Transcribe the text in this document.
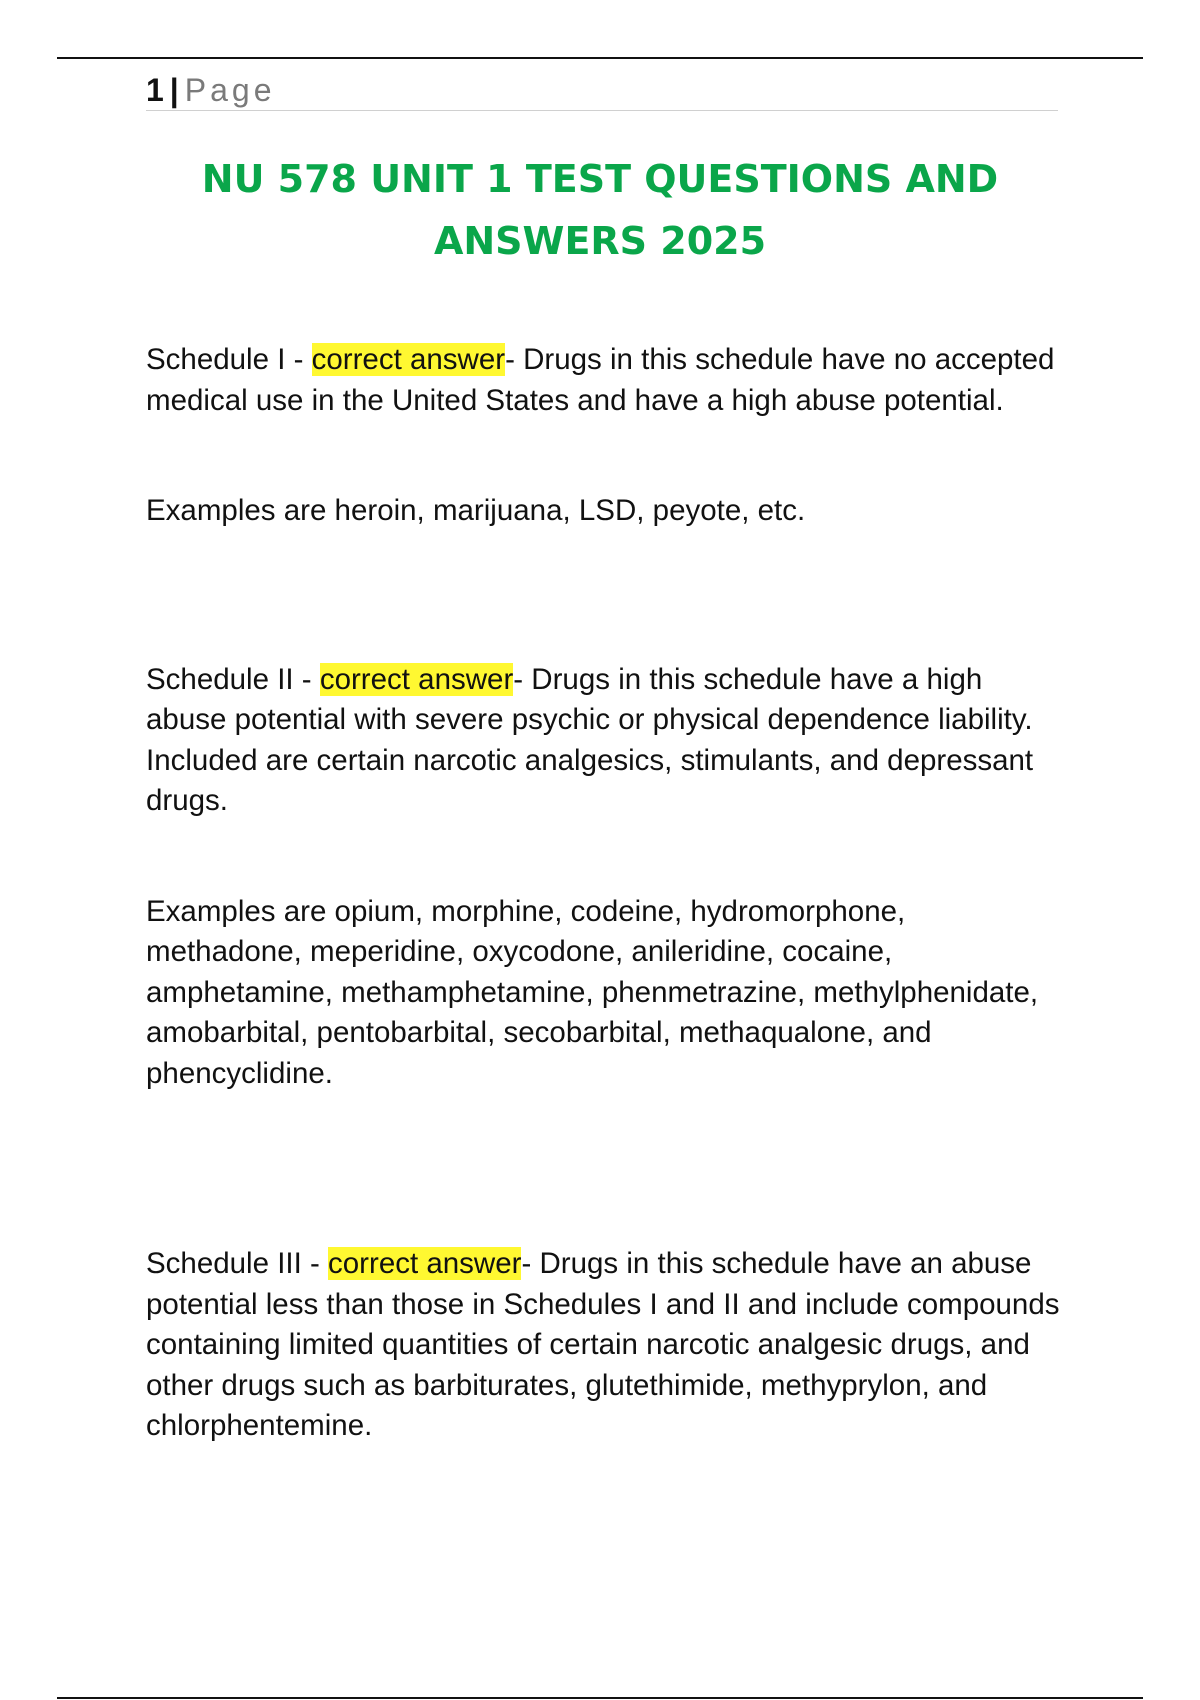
1 | Page
NU 578 UNIT 1 TEST QUESTIONS AND
ANSWERS 2025

Schedule I - correct answer- Drugs in this schedule have no accepted medical use in the United States and have a high abuse potential.

Examples are heroin, marijuana, LSD, peyote, etc.

Schedule II - correct answer- Drugs in this schedule have a high abuse potential with severe psychic or physical dependence liability. Included are certain narcotic analgesics, stimulants, and depressant drugs.

Examples are opium, morphine, codeine, hydromorphone, methadone, meperidine, oxycodone, anileridine, cocaine, amphetamine, methamphetamine, phenmetrazine, methylphenidate, amobarbital, pentobarbital, secobarbital, methaqualone, and phencyclidine.

Schedule III - correct answer- Drugs in this schedule have an abuse potential less than those in Schedules I and II and include compounds containing limited quantities of certain narcotic analgesic drugs, and other drugs such as barbiturates, glutethimide, methyprylon, and chlorphentemine.
